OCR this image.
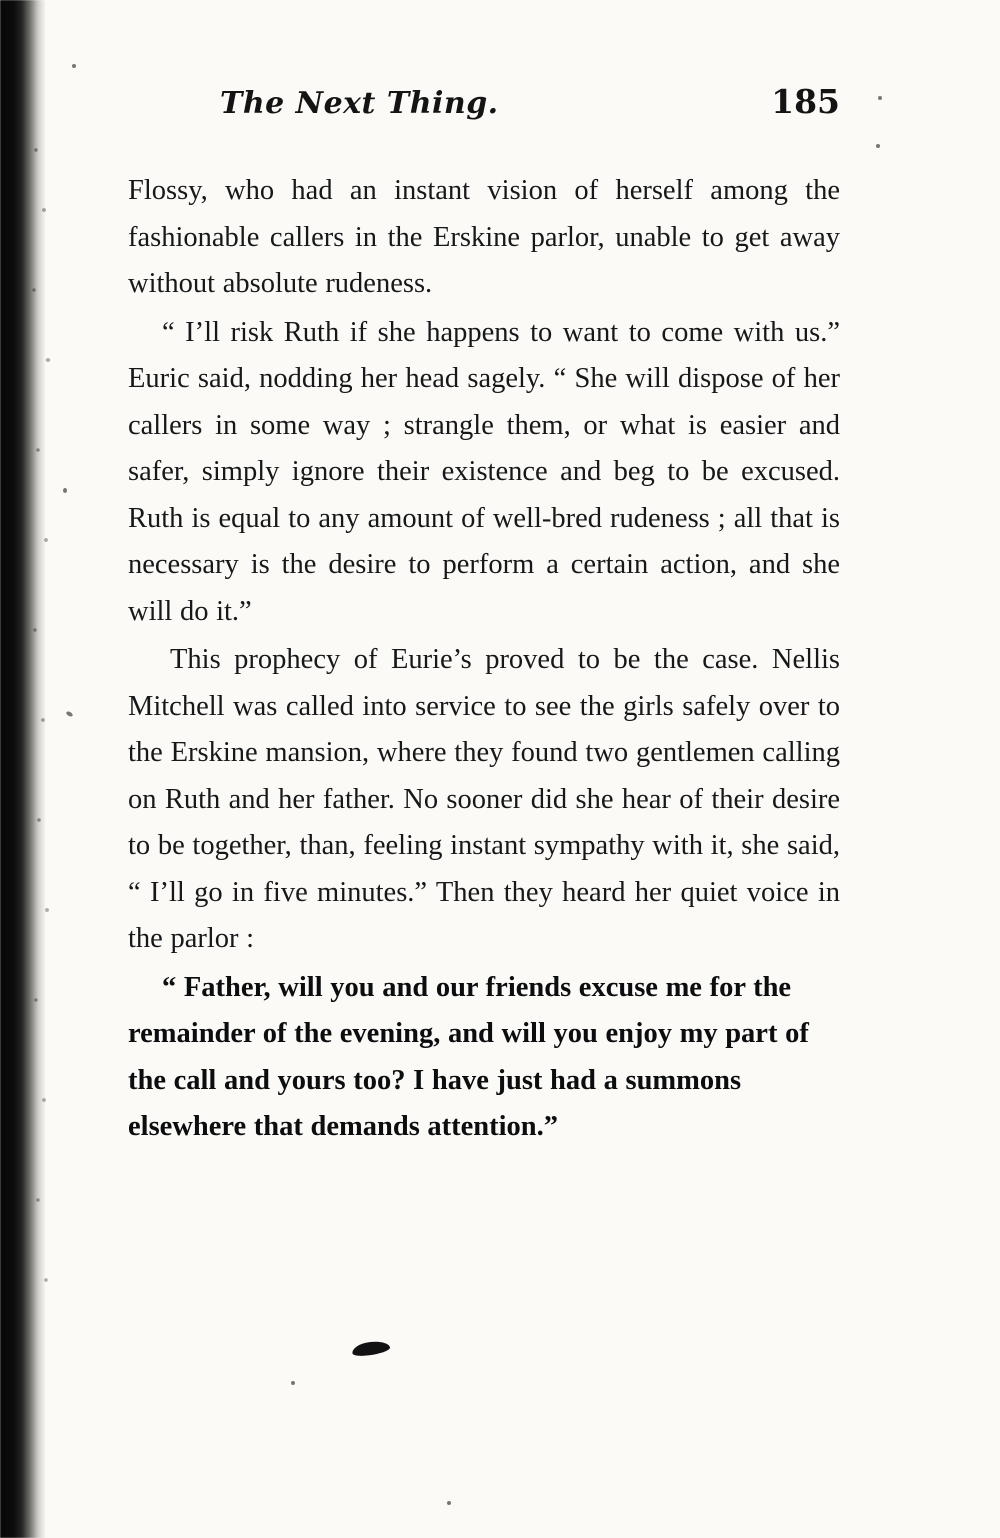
The Next Thing.	185

Flossy, who had an instant vision of herself among the fashionable callers in the Erskine parlor, unable to get away without absolute rudeness.

“ I’ll risk Ruth if she happens to want to come with us.” Euric said, nodding her head sagely. “ She will dispose of her callers in some way ; strangle them, or what is easier and safer, simply ignore their existence and beg to be excused. Ruth is equal to any amount of well-bred rudeness ; all that is necessary is the desire to perform a certain action, and she will do it.”

This prophecy of Eurie’s proved to be the case. Nellis Mitchell was called into service to see the girls safely over to the Erskine mansion, where they found two gentlemen calling on Ruth and her father. No sooner did she hear of their desire to be together, than, feeling instant sympathy with it, she said, “ I’ll go in five minutes.” Then they heard her quiet voice in the parlor :

“ Father, will you and our friends excuse me for the remainder of the evening, and will you enjoy my part of the call and yours too? I have just had a summons elsewhere that demands attention.”
